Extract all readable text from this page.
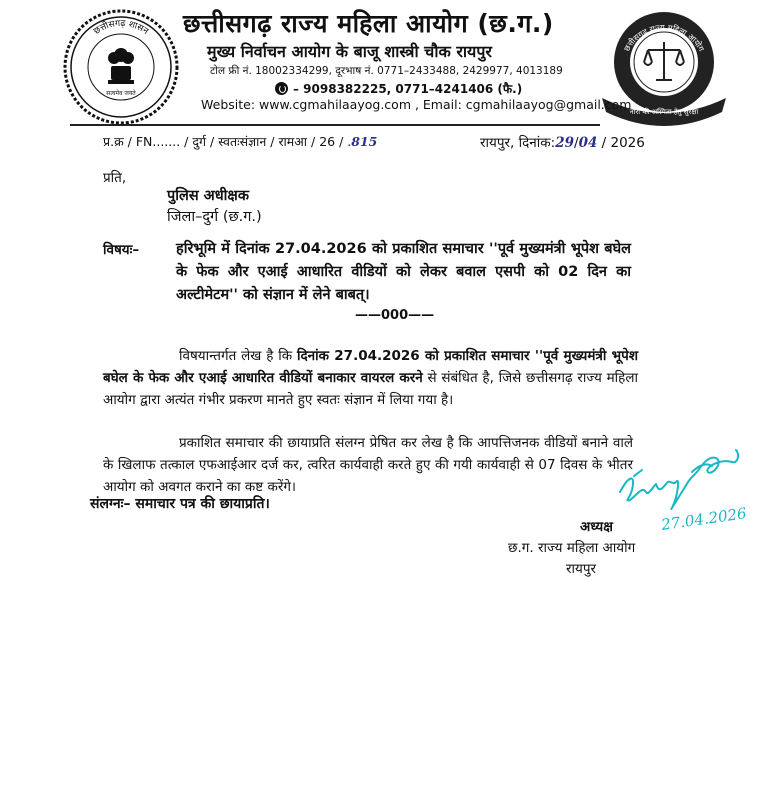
छत्तीसगढ़ शासन
सत्यमेव जयते
छत्तीसगढ़ राज्य महिला आयोग
नारी की अस्मिता हेतु सुरक्षा
छत्तीसगढ़ राज्य महिला आयोग (छ.ग.)
मुख्य निर्वाचन आयोग के बाजू शास्त्री चौक रायपुर
टोल फ्री नं. 18002334299, दूरभाष नं. 0771–2433488, 2429977, 4013189
– 9098382225, 0771–4241406 (फै.)
Website: www.cgmahilaayog.com , Email: cgmahilaayog@gmail.com
प्र.क्र / FN....... / दुर्ग / स्वतःसंज्ञान / रामआ / 26 / .815	रायपुर, दिनांक:29/04 / 2026
प्रति,
पुलिस अधीक्षक
जिला–दुर्ग (छ.ग.)
विषयः–	हरिभूमि में दिनांक 27.04.2026 को प्रकाशित समाचार ''पूर्व मुख्यमंत्री भूपेश बघेल के फेक और एआई आधारित वीडियों को लेकर बवाल एसपी को 02 दिन का अल्टीमेटम'' को संज्ञान में लेने बाबत्।
——000——
विषयान्तर्गत लेख है कि दिनांक 27.04.2026 को प्रकाशित समाचार ''पूर्व मुख्यमंत्री भूपेश बघेल के फेक और एआई आधारित वीडियों बनाकार वायरल करने से संबंधित है, जिसे छत्तीसगढ़ राज्य महिला आयोग द्वारा अत्यंत गंभीर प्रकरण मानते हुए स्वतः संज्ञान में लिया गया है।
प्रकाशित समाचार की छायाप्रति संलग्न प्रेषित कर लेख है कि आपत्तिजनक वीडियों बनाने वाले के खिलाफ तत्काल एफआईआर दर्ज कर, त्वरित कार्यवाही करते हुए की गयी कार्यवाही से 07 दिवस के भीतर आयोग को अवगत कराने का कष्ट करेंगे।
संलग्नः– समाचार पत्र की छायाप्रति।
अध्यक्ष
छ.ग. राज्य महिला आयोग
रायपुर
27.04.2026
